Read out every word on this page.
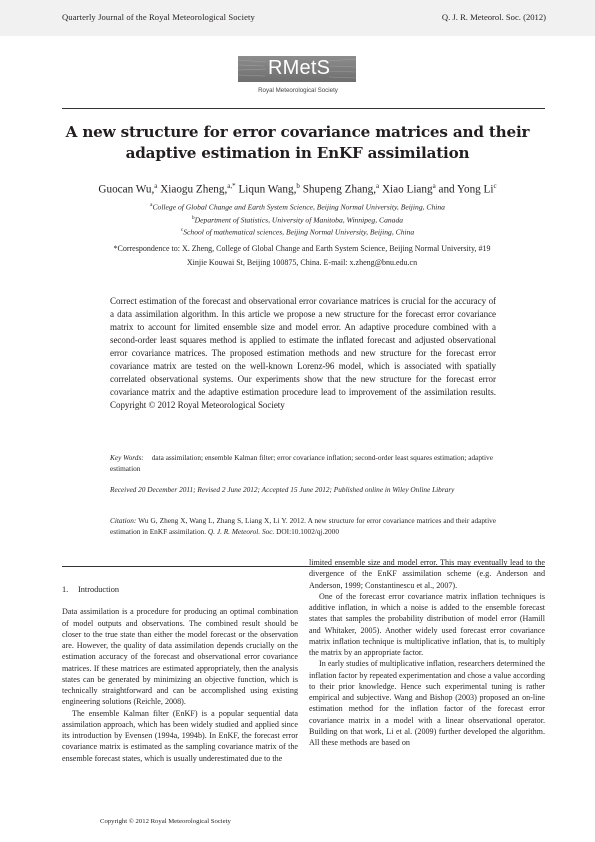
Quarterly Journal of the Royal Meteorological Society	Q. J. R. Meteorol. Soc. (2012)
RMetS
Royal Meteorological Society
A new structure for error covariance matrices and their
adaptive estimation in EnKF assimilation
Guocan Wu,$^a$ Xiaogu Zheng,$^{a,*}$ Liqun Wang,$^b$ Shupeng Zhang,$^a$ Xiao Liang$^a$ and Yong Li$^c$
$^a$College of Global Change and Earth System Science, Beijing Normal University, Beijing, China
$^b$Department of Statistics, University of Manitoba, Winnipeg, Canada
$^c$School of mathematical sciences, Beijing Normal University, Beijing, China
*Correspondence to: X. Zheng, College of Global Change and Earth System Science, Beijing Normal University, #19
Xinjie Kouwai St, Beijing 100875, China. E-mail: x.zheng@bnu.edu.cn

Correct estimation of the forecast and observational error covariance matrices is crucial for the accuracy of a data assimilation algorithm. In this article we propose a new structure for the forecast error covariance matrix to account for limited ensemble size and model error. An adaptive procedure combined with a second-order least squares method is applied to estimate the inflated forecast and adjusted observational error covariance matrices. The proposed estimation methods and new structure for the forecast error covariance matrix are tested on the well-known Lorenz-96 model, which is associated with spatially correlated observational systems. Our experiments show that the new structure for the forecast error covariance matrix and the adaptive estimation procedure lead to improvement of the assimilation results. Copyright © 2012 Royal Meteorological Society

Key Words: data assimilation; ensemble Kalman filter; error covariance inflation; second-order least squares estimation; adaptive estimation
Received 20 December 2011; Revised 2 June 2012; Accepted 15 June 2012; Published online in Wiley Online Library
Citation: Wu G, Zheng X, Wang L, Zhang S, Liang X, Li Y. 2012. A new structure for error covariance matrices and their adaptive estimation in EnKF assimilation. Q. J. R. Meteorol. Soc. DOI:10.1002/qj.2000
1. Introduction

Data assimilation is a procedure for producing an optimal combination of model outputs and observations. The combined result should be closer to the true state than either the model forecast or the observation are. However, the quality of data assimilation depends crucially on the estimation accuracy of the forecast and observational error covariance matrices. If these matrices are estimated appropriately, then the analysis states can be generated by minimizing an objective function, which is technically straightforward and can be accomplished using existing engineering solutions (Reichle, 2008).

The ensemble Kalman filter (EnKF) is a popular sequential data assimilation approach, which has been widely studied and applied since its introduction by Evensen (1994a, 1994b). In EnKF, the forecast error covariance matrix is estimated as the sampling covariance matrix of the ensemble forecast states, which is usually underestimated due to the

limited ensemble size and model error. This may eventually lead to the divergence of the EnKF assimilation scheme (e.g. Anderson and Anderson, 1999; Constantinescu et al., 2007).

One of the forecast error covariance matrix inflation techniques is additive inflation, in which a noise is added to the ensemble forecast states that samples the probability distribution of model error (Hamill and Whitaker, 2005). Another widely used forecast error covariance matrix inflation technique is multiplicative inflation, that is, to multiply the matrix by an appropriate factor.

In early studies of multiplicative inflation, researchers determined the inflation factor by repeated experimentation and chose a value according to their prior knowledge. Hence such experimental tuning is rather empirical and subjective. Wang and Bishop (2003) proposed an on-line estimation method for the inflation factor of the forecast error covariance matrix in a model with a linear observational operator. Building on that work, Li et al. (2009) further developed the algorithm. All these methods are based on

Copyright © 2012 Royal Meteorological Society
